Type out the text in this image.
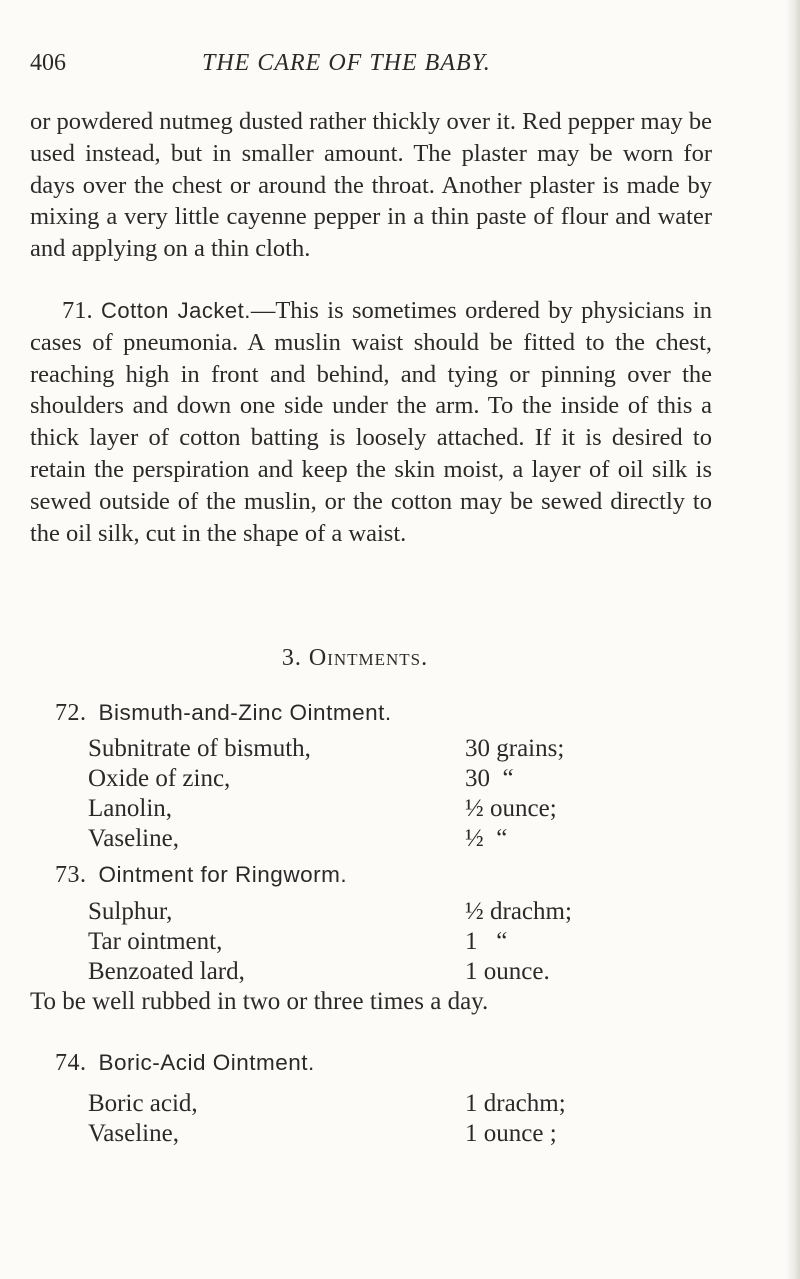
406	THE CARE OF THE BABY.

or powdered nutmeg dusted rather thickly over it. Red pepper may be used instead, but in smaller amount. The plaster may be worn for days over the chest or around the throat. Another plaster is made by mixing a very little cayenne pepper in a thin paste of flour and water and applying on a thin cloth.

71. Cotton Jacket.—This is sometimes ordered by physicians in cases of pneumonia. A muslin waist should be fitted to the chest, reaching high in front and behind, and tying or pinning over the shoulders and down one side under the arm. To the inside of this a thick layer of cotton batting is loosely attached. If it is desired to retain the perspiration and keep the skin moist, a layer of oil silk is sewed outside of the muslin, or the cotton may be sewed directly to the oil silk, cut in the shape of a waist.

3. Ointments.
72. Bismuth-and-Zinc Ointment.
Subnitrate of bismuth,	30 grains;
Oxide of zinc,	30  “
Lanolin,	½ ounce;
Vaseline,	½  “
73. Ointment for Ringworm.
Sulphur,	½ drachm;
Tar ointment,	1   “
Benzoated lard,	1 ounce.
To be well rubbed in two or three times a day.
74. Boric-Acid Ointment.
Boric acid,	1 drachm;
Vaseline,	1 ounce ;
